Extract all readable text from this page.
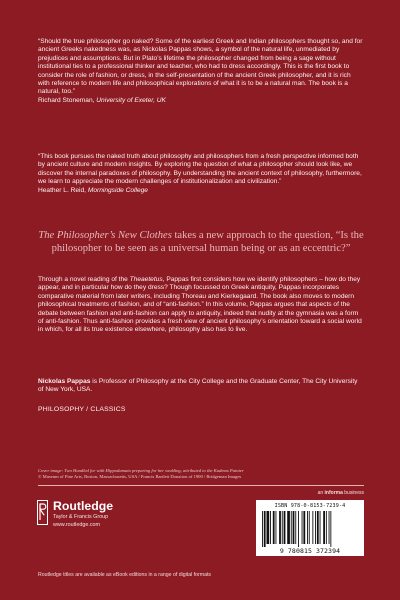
“Should the true philosopher go naked? Some of the earliest Greek and Indian philosophers thought so, and for ancient Greeks nakedness was, as Nickolas Pappas shows, a symbol of the natural life, unmediated by prejudices and assumptions. But in Plato’s lifetime the philosopher changed from being a sage without institutional ties to a professional thinker and teacher, who had to dress accordingly. This is the first book to consider the role of fashion, or dress, in the self-presentation of the ancient Greek philosopher, and it is rich with reference to modern life and philosophical explorations of what it is to be a natural man. The book is a natural, too.”
Richard Stoneman, University of Exeter, UK

“This book pursues the naked truth about philosophy and philosophers from a fresh perspective informed both by ancient culture and modern insights. By exploring the question of what a philosopher should look like, we discover the internal paradoxes of philosophy. By understanding the ancient context of philosophy, furthermore, we learn to appreciate the modern challenges of institutionalization and civilization.”
Heather L. Reid, Morningside College

The Philosopher’s New Clothes takes a new approach to the question, “Is the philosopher to be seen as a universal human being or as an eccentric?”

Through a novel reading of the Theaetetus, Pappas first considers how we identify philosophers – how do they appear, and in particular how do they dress? Though focussed on Greek antiquity, Pappas incorporates comparative material from later writers, including Thoreau and Kierkegaard. The book also moves to modern philosophical treatments of fashion, and of “anti-fashion.” In this volume, Pappas argues that aspects of the debate between fashion and anti-fashion can apply to antiquity, indeed that nudity at the gymnasia was a form of anti-fashion. Thus anti-fashion provides a fresh view of ancient philosophy’s orientation toward a social world in which, for all its true existence elsewhere, philosophy also has to live.

Nickolas Pappas is Professor of Philosophy at the City College and the Graduate Center, The City University of New York, USA.

PHILOSOPHY / CLASSICS

Cover image: Two Hundled for with Hippodamaia preparing for her wedding, attributed to the Kadmos Painter
© Museum of Fine Arts, Boston, Massachusetts, USA / Francis Bartlett Donation of 1900 / Bridgeman Images

an informa business

Routledge

Taylor & Francis Group

www.routledge.com

ISBN 978-0-8153-7239-4

9 780815 372394

Routledge titles are available as eBook editions in a range of digital formats
